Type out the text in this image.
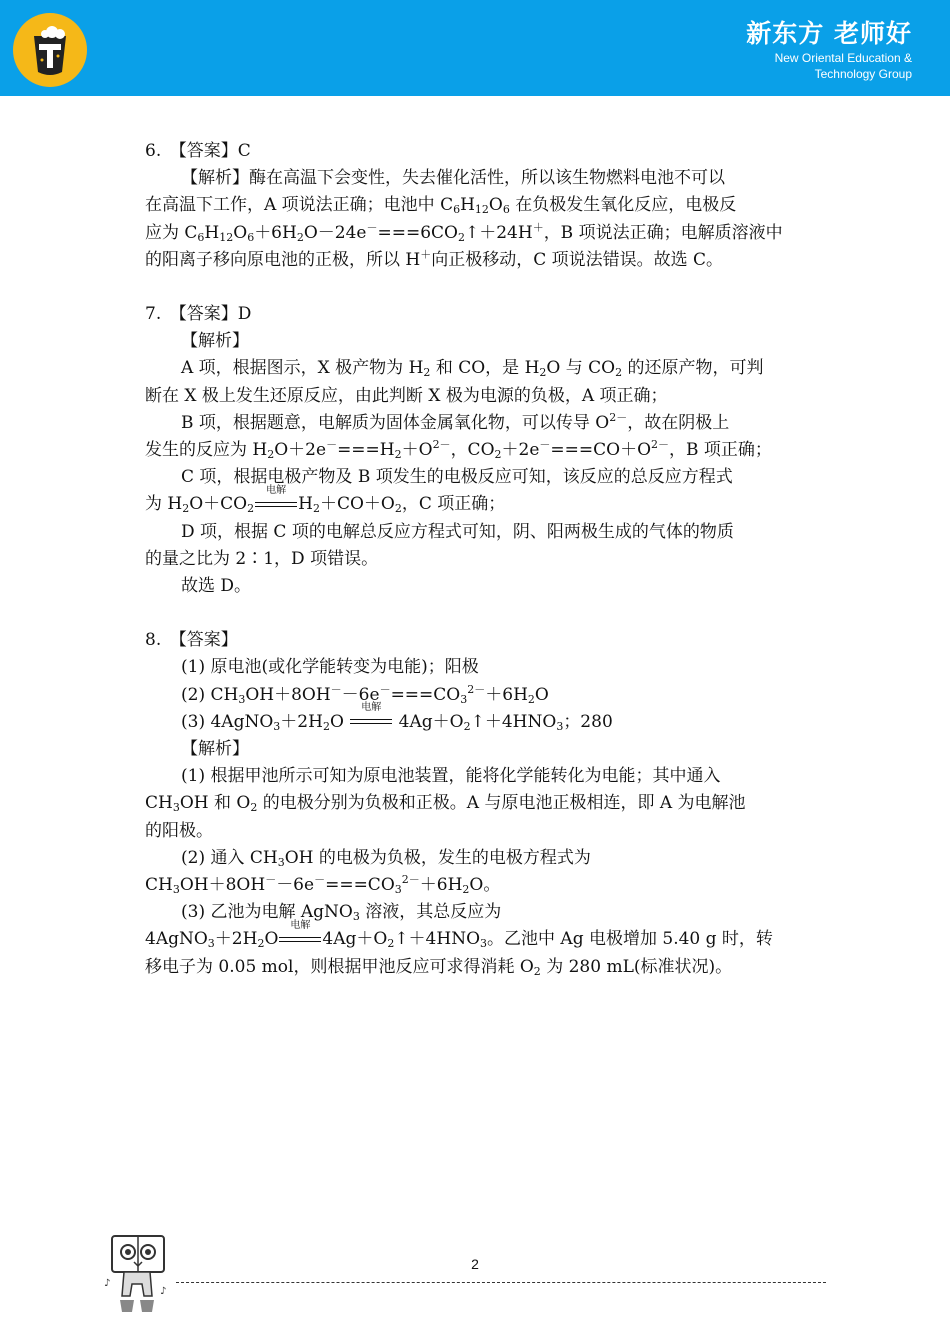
新东方 老师好
New Oriental Education &
Technology Group

6.　【答案】C

【解析】酶在高温下会变性，失去催化活性，所以该生物燃料电池不可以

在高温下工作，A 项说法正确；电池中 $C_6H_{12}O_6$ 在负极发生氧化反应，电极反

应为 $C_6H_{12}O_6+6H_2O-24e^-===6CO_2↑+24H^+$，B 项说法正确；电解质溶液中

的阳离子移向原电池的正极，所以 H＋向正极移动，C 项说法错误。故选 C。

7.　【答案】D

【解析】

A 项，根据图示，X 极产物为 $H_2$ 和 CO，是 $H_2O$ 与 $CO_2$ 的还原产物，可判

断在 X 极上发生还原反应，由此判断 X 极为电源的负极，A 项正确；

B 项，根据题意，电解质为固体金属氧化物，可以传导 $O^{2-}$，故在阴极上

发生的反应为 $H_2O+2e^-===H_2+O^{2-}$，$CO_2+2e^-===CO+O^{2-}$，B 项正确；

C 项，根据电极产物及 B 项发生的电极反应可知，该反应的总反应方程式

为 $H_2O+CO_2$
电解
$H_2+CO+O_2$，C 项正确；

D 项，根据 C 项的电解总反应方程式可知，阴、阳两极生成的气体的物质

的量之比为 2∶1，D 项错误。

故选 D。

8.　【答案】

(1) 原电池(或化学能转变为电能)；阳极

(2) $CH_3OH+8OH^--6e^-===CO_3^{2-}+6H_2O$

(3) $4AgNO_3+2H_2O$
电解
$4Ag+O_2↑+4HNO_3$；280

【解析】

(1) 根据甲池所示可知为原电池装置，能将化学能转化为电能；其中通入

$CH_3OH$ 和 $O_2$ 的电极分别为负极和正极。A 与原电池正极相连，即 A 为电解池

的阳极。

(2) 通入 $CH_3OH$ 的电极为负极，发生的电极方程式为

$CH_3OH+8OH^--6e^-===CO_3^{2-}+6H_2O$。

(3) 乙池为电解 AgNO$_3$ 溶液，其总反应为

$4AgNO_3+2H_2O$
电解
$4Ag+O_2↑+4HNO_3$。乙池中 Ag 电极增加 5.40 g 时，转

移电子为 0.05 mol，则根据甲池反应可求得消耗 $O_2$ 为 280 mL(标准状况)。

♪
♪
2
